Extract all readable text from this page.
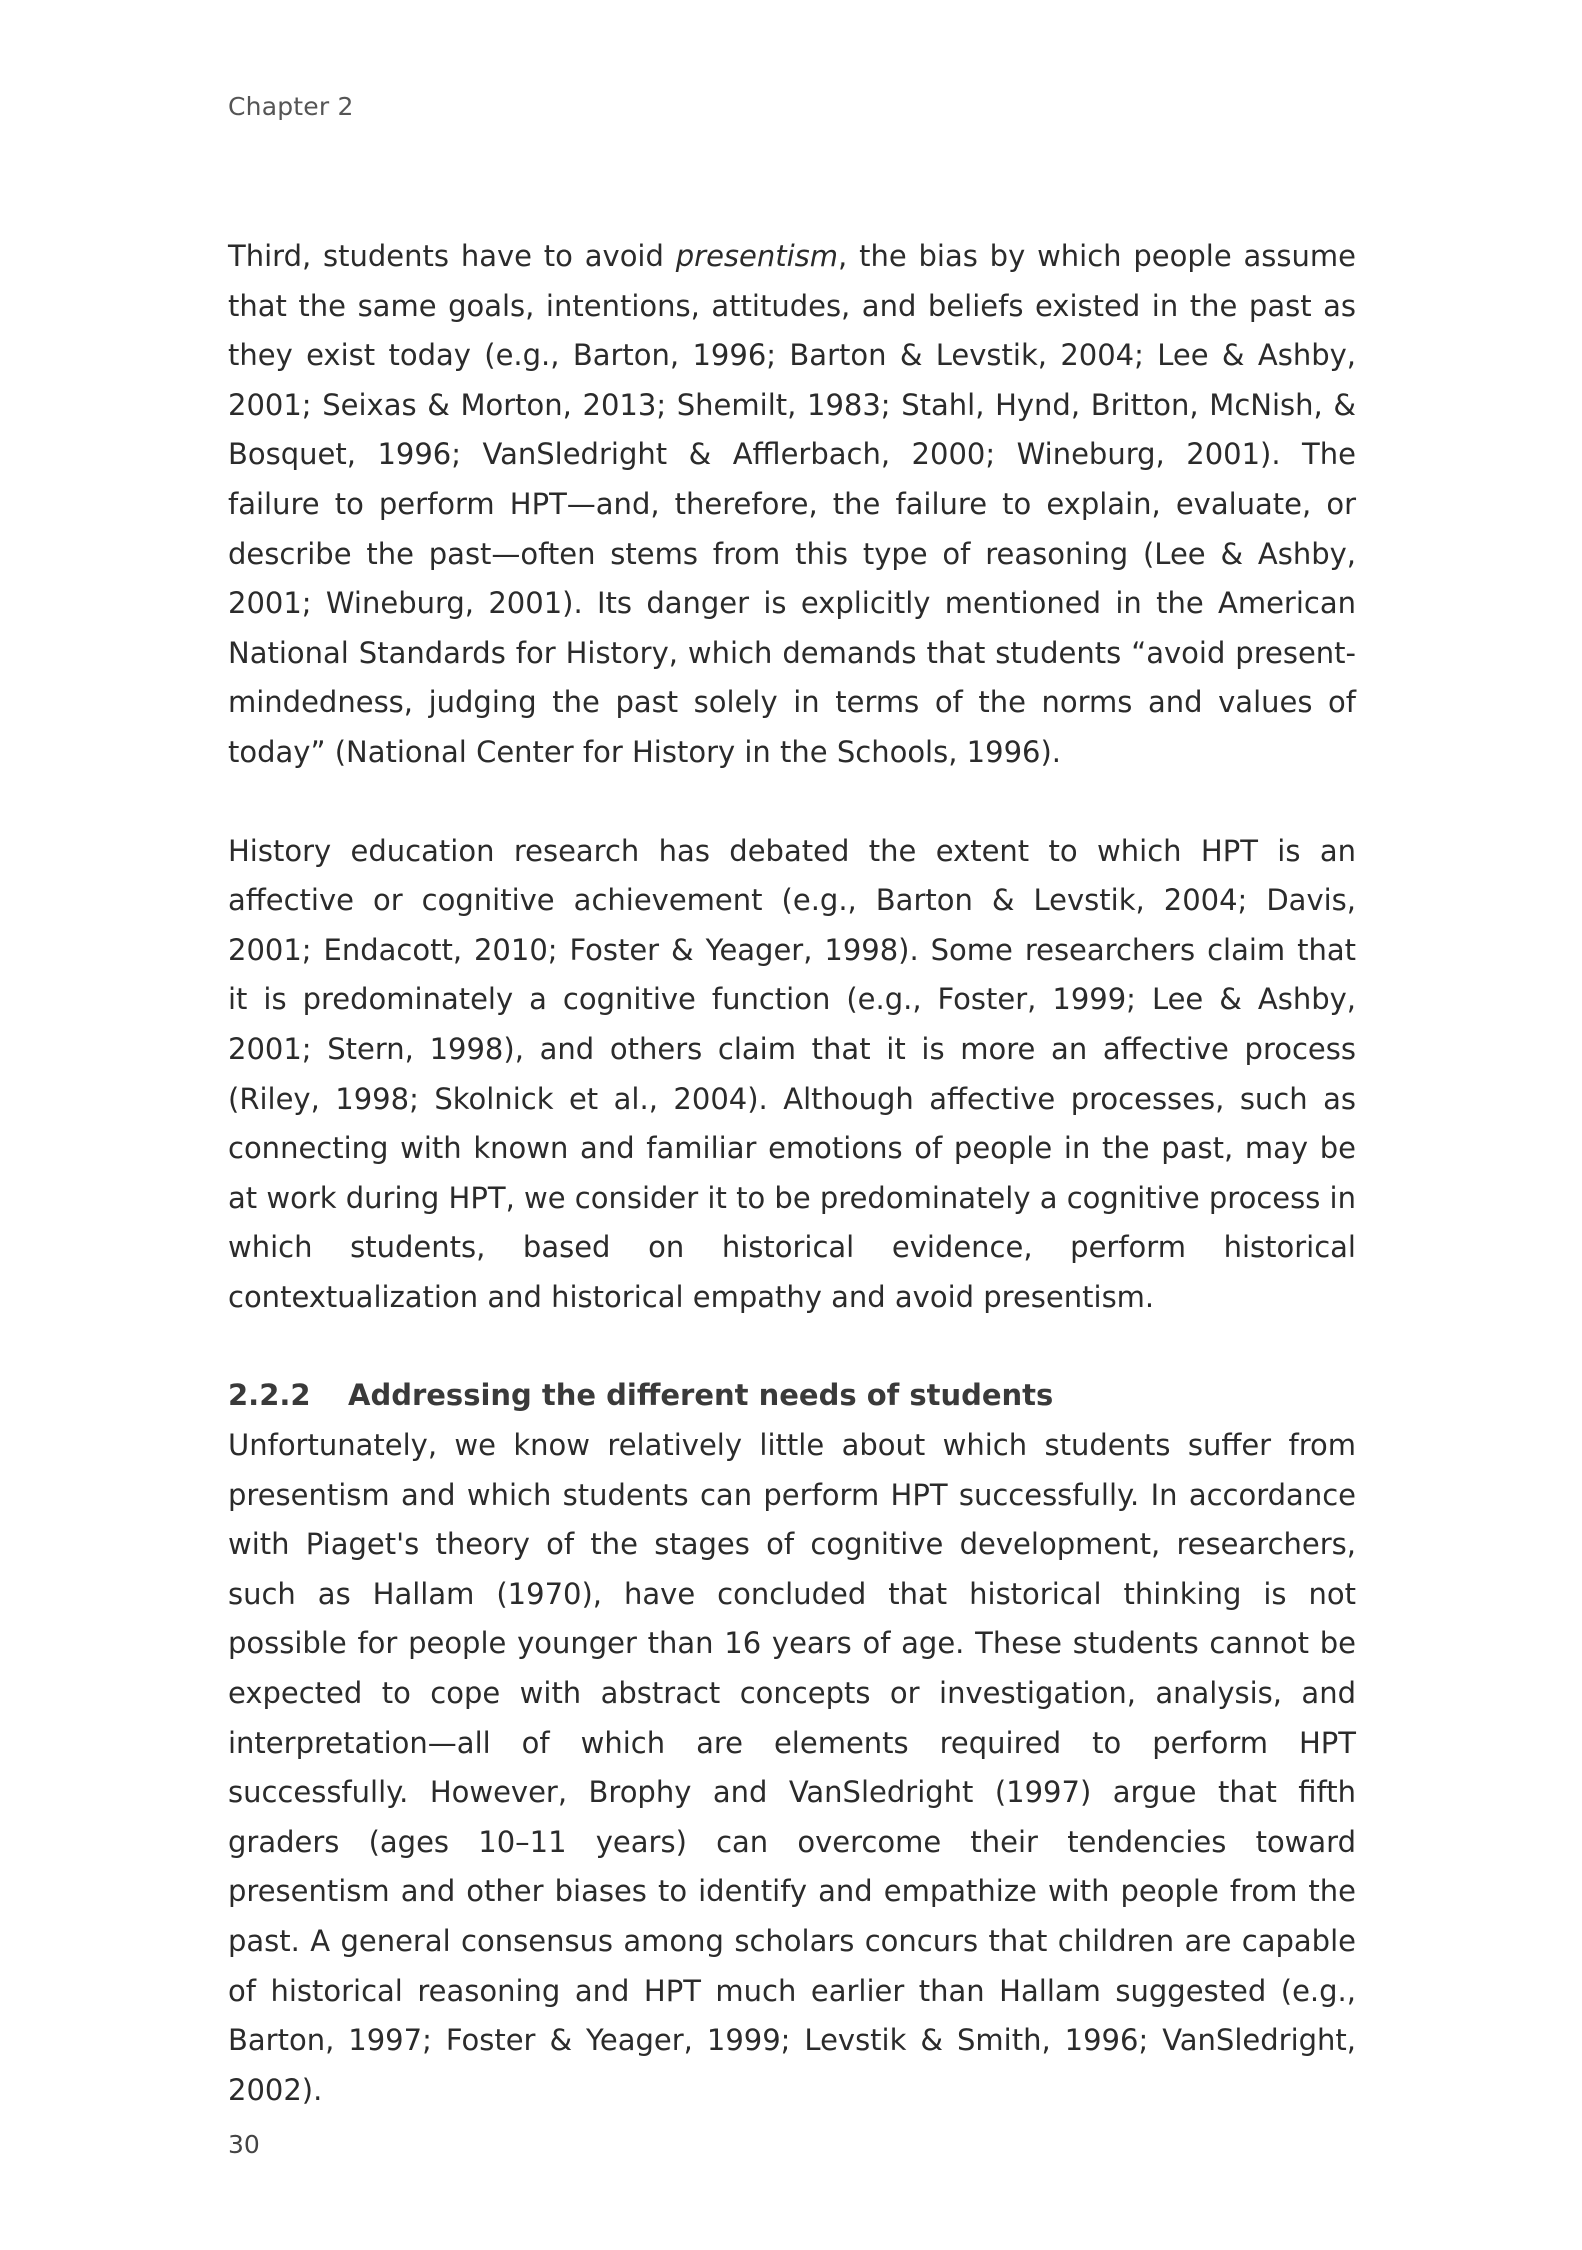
Chapter 2

Third, students have to avoid presentism, the bias by which people assume that the same goals, intentions, attitudes, and beliefs existed in the past as they exist today (e.g., Barton, 1996; Barton & Levstik, 2004; Lee & Ashby, 2001; Seixas & Morton, 2013; Shemilt, 1983; Stahl, Hynd, Britton, McNish, & Bosquet, 1996; VanSledright & Afflerbach, 2000; Wineburg, 2001). The failure to perform HPT—and, therefore, the failure to explain, evaluate, or describe the past—often stems from this type of reasoning (Lee & Ashby, 2001; Wineburg, 2001). Its danger is explicitly mentioned in the American National Standards for History, which demands that students “avoid present-mindedness, judging the past solely in terms of the norms and values of today” (National Center for History in the Schools, 1996).

History education research has debated the extent to which HPT is an affective or cognitive achievement (e.g., Barton & Levstik, 2004; Davis, 2001; Endacott, 2010; Foster & Yeager, 1998). Some researchers claim that it is predominately a cognitive function (e.g., Foster, 1999; Lee & Ashby, 2001; Stern, 1998), and others claim that it is more an affective process (Riley, 1998; Skolnick et al., 2004). Although affective processes, such as connecting with known and familiar emotions of people in the past, may be at work during HPT, we consider it to be predominately a cognitive process in which students, based on historical evidence, perform historical contextualization and historical empathy and avoid presentism.

2.2.2 Addressing the different needs of students

Unfortunately, we know relatively little about which students suffer from presentism and which students can perform HPT successfully. In accordance with Piaget's theory of the stages of cognitive development, researchers, such as Hallam (1970), have concluded that historical thinking is not possible for people younger than 16 years of age. These students cannot be expected to cope with abstract concepts or investigation, analysis, and interpretation—all of which are elements required to perform HPT successfully. However, Brophy and VanSledright (1997) argue that fifth graders (ages 10–11 years) can overcome their tendencies toward presentism and other biases to identify and empathize with people from the past. A general consensus among scholars concurs that children are capable of historical reasoning and HPT much earlier than Hallam suggested (e.g., Barton, 1997; Foster & Yeager, 1999; Levstik & Smith, 1996; VanSledright, 2002).

30
